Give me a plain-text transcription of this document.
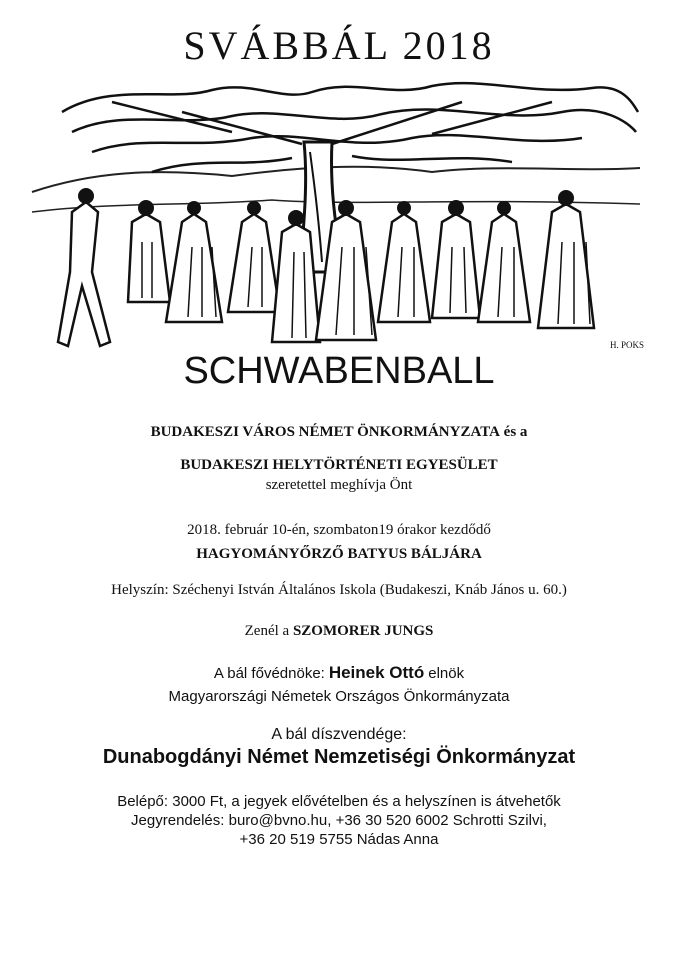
SVÁBBÁL 2018
H. POKS
SCHWABENBALL
BUDAKESZI VÁROS NÉMET ÖNKORMÁNYZATA és a
BUDAKESZI HELYTÖRTÉNETI EGYESÜLET
szeretettel meghívja Önt
2018. február 10-én, szombaton19 órakor kezdődő
HAGYOMÁNYŐRZŐ BATYUS BÁLJÁRA
Helyszín: Széchenyi István Általános Iskola (Budakeszi, Knáb János u. 60.)
Zenél a SZOMORER JUNGS
A bál fővédnöke: Heinek Ottó elnök
Magyarországi Németek Országos Önkormányzata
A bál díszvendége:
Dunabogdányi Német Nemzetiségi Önkormányzat
Belépő: 3000 Ft, a jegyek elővételben és a helyszínen is átvehetők
Jegyrendelés: buro@bvno.hu, +36 30 520 6002 Schrotti Szilvi,
+36 20 519 5755 Nádas Anna
